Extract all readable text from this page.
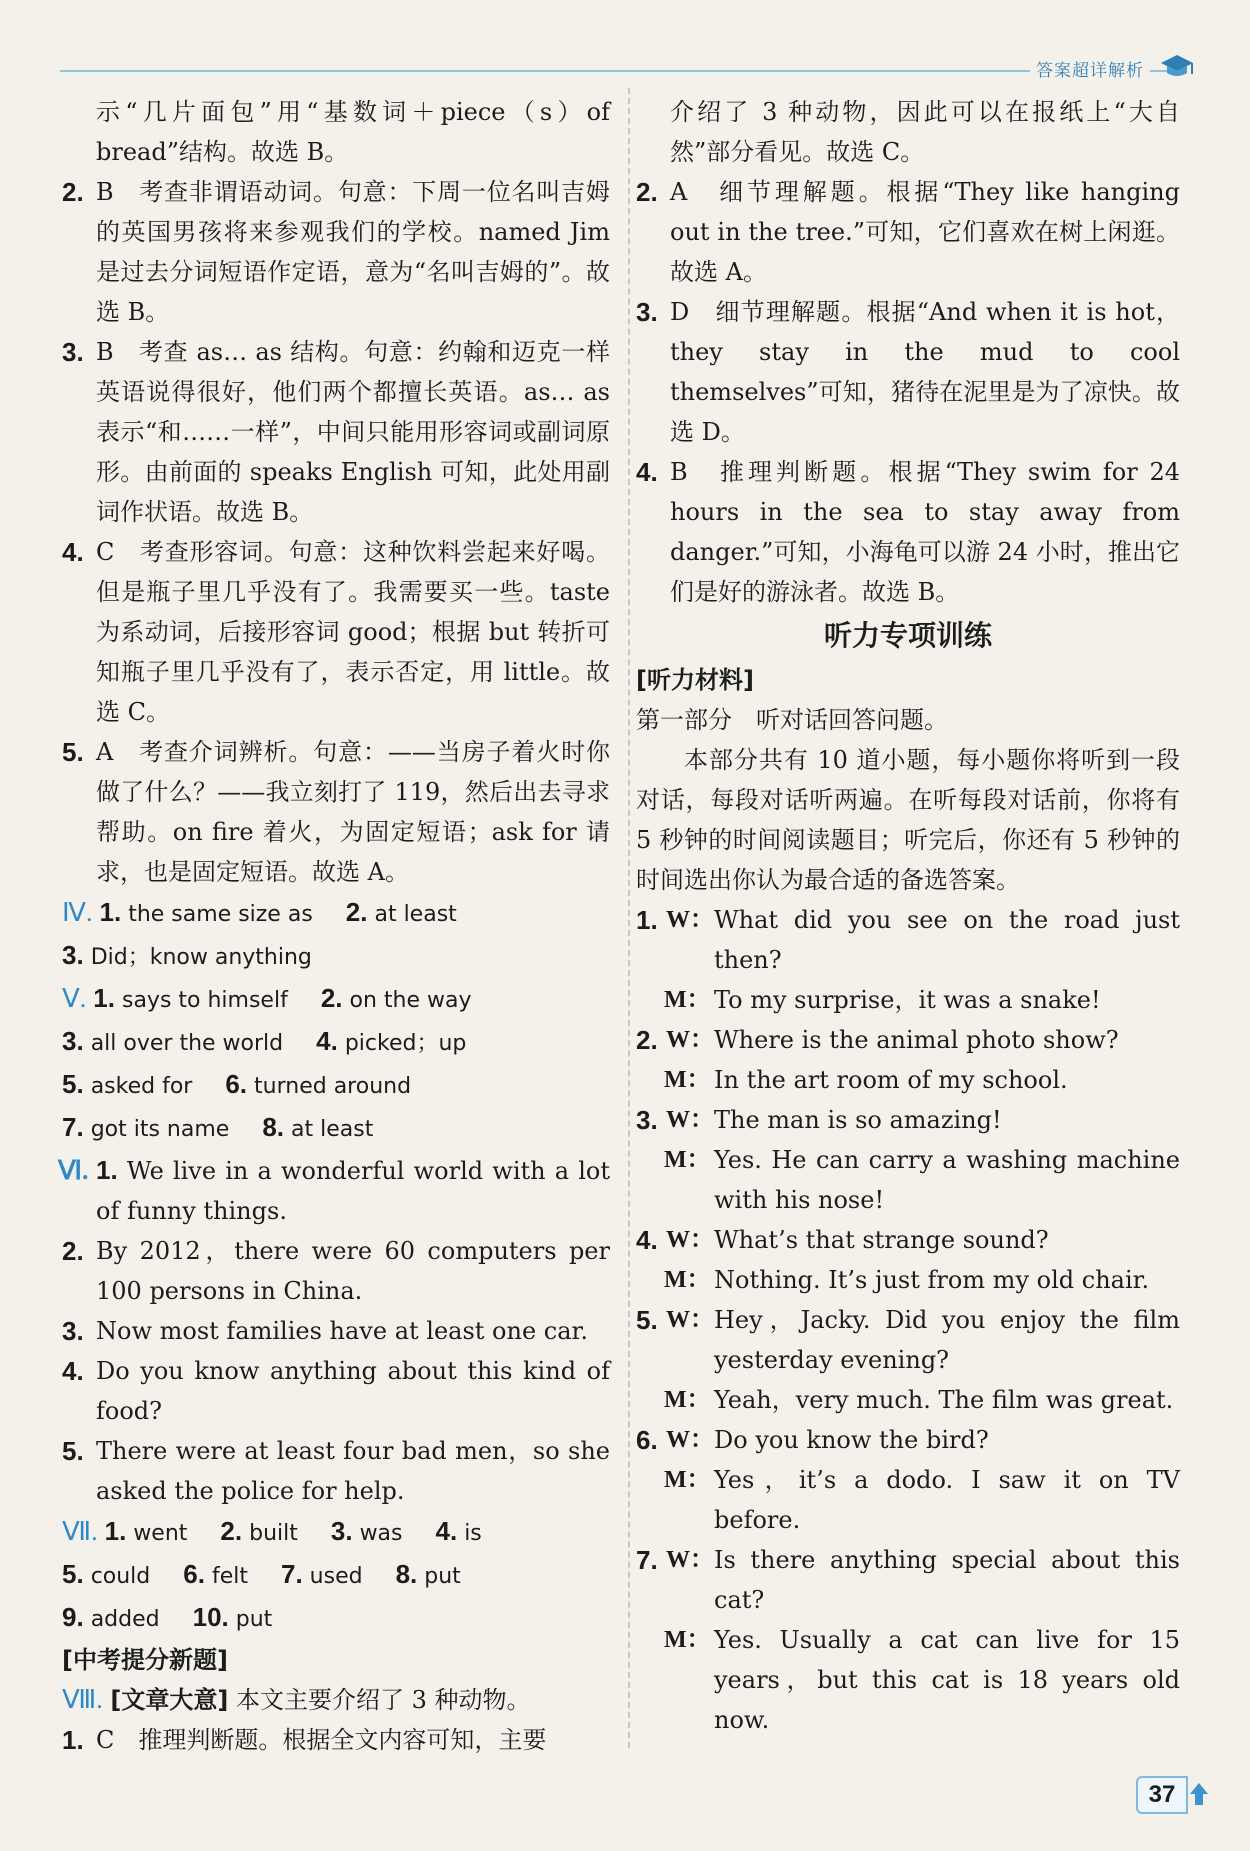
答案超详解析
示“几片面包”用“基数词＋piece（s）of bread”结构。故选 B。
2. B　考查非谓语动词。句意：下周一位名叫吉姆的英国男孩将来参观我们的学校。named Jim 是过去分词短语作定语，意为“名叫吉姆的”。故选 B。
3. B　考查 as… as 结构。句意：约翰和迈克一样英语说得很好，他们两个都擅长英语。as… as 表示“和……一样”，中间只能用形容词或副词原形。由前面的 speaks English 可知，此处用副词作状语。故选 B。
4. C　考查形容词。句意：这种饮料尝起来好喝。但是瓶子里几乎没有了。我需要买一些。taste 为系动词，后接形容词 good；根据 but 转折可知瓶子里几乎没有了，表示否定，用 little。故选 C。
5. A　考查介词辨析。句意：——当房子着火时你做了什么？——我立刻打了 119，然后出去寻求帮助。on fire 着火，为固定短语；ask for 请求，也是固定短语。故选 A。
Ⅳ. 1. the same size as 2. at least
3. Did；know anything
Ⅴ. 1. says to himself 2. on the way
3. all over the world 4. picked；up
5. asked for 6. turned around
7. got its name 8. at least
Ⅵ. 1. We live in a wonderful world with a lot of funny things.
2. By 2012，there were 60 computers per 100 persons in China.
3. Now most families have at least one car.
4. Do you know anything about this kind of food?
5. There were at least four bad men，so she asked the police for help.
Ⅶ. 1. went 2. built 3. was 4. is
5. could 6. felt 7. used 8. put
9. added 10. put
[中考提分新题]
Ⅷ. [文章大意] 本文主要介绍了 3 种动物。
1. C　推理判断题。根据全文内容可知，主要
介绍了 3 种动物，因此可以在报纸上“大自然”部分看见。故选 C。
2. A　细节理解题。根据“They like hanging out in the tree.”可知，它们喜欢在树上闲逛。故选 A。
3. D　细节理解题。根据“And when it is hot，they stay in the mud to cool themselves”可知，猪待在泥里是为了凉快。故选 D。
4. B　推理判断题。根据“They swim for 24 hours in the sea to stay away from danger.”可知，小海龟可以游 24 小时，推出它们是好的游泳者。故选 B。
听力专项训练
[听力材料]
第一部分　听对话回答问题。
本部分共有 10 道小题，每小题你将听到一段对话，每段对话听两遍。在听每段对话前，你将有 5 秒钟的时间阅读题目；听完后，你还有 5 秒钟的时间选出你认为最合适的备选答案。
1. W： What did you see on the road just then?
M： To my surprise，it was a snake!
2. W： Where is the animal photo show?
M： In the art room of my school.
3. W： The man is so amazing!
M： Yes. He can carry a washing machine with his nose!
4. W： What’s that strange sound?
M： Nothing. It’s just from my old chair.
5. W： Hey，Jacky. Did you enjoy the film yesterday evening?
M： Yeah，very much. The film was great.
6. W： Do you know the bird?
M： Yes，it’s a dodo. I saw it on TV before.
7. W： Is there anything special about this cat?
M： Yes. Usually a cat can live for 15 years，but this cat is 18 years old now.
37
